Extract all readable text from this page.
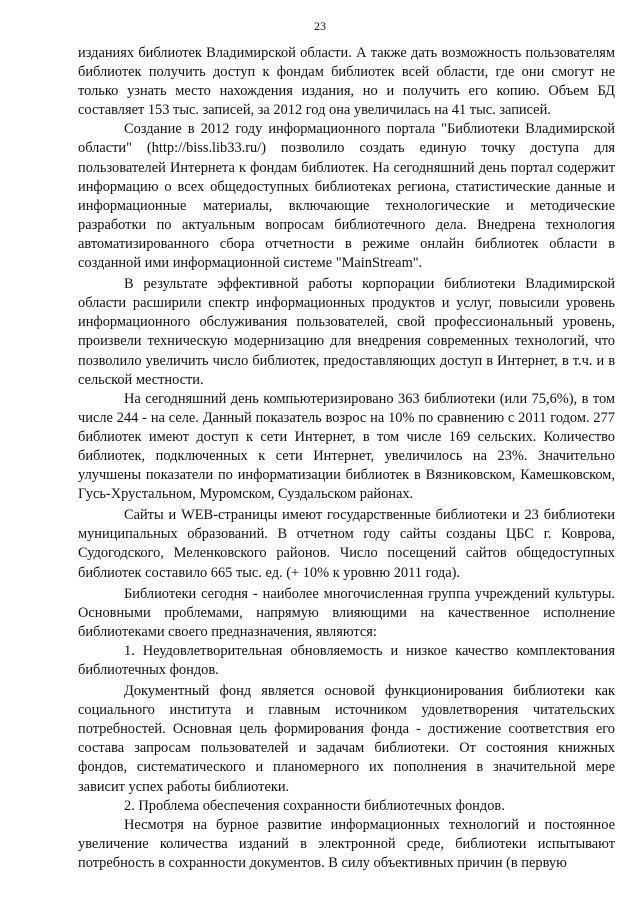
23

изданиях библиотек Владимирской области. А также дать возможность пользователям библиотек получить доступ к фондам библиотек всей области, где они смогут не только узнать место нахождения издания, но и получить его копию. Объем БД составляет 153 тыс. записей, за 2012 год она увеличилась на 41 тыс. записей.

Создание в 2012 году информационного портала "Библиотеки Владимирской области" (http://biss.lib33.ru/) позволило создать единую точку доступа для пользователей Интернета к фондам библиотек. На сегодняшний день портал содержит информацию о всех общедоступных библиотеках региона, статистические данные и информационные материалы, включающие технологические и методические разработки по актуальным вопросам библиотечного дела. Внедрена технология автоматизированного сбора отчетности в режиме онлайн библиотек области в созданной ими информационной системе "MainStream".

В результате эффективной работы корпорации библиотеки Владимирской области расширили спектр информационных продуктов и услуг, повысили уровень информационного обслуживания пользователей, свой профессиональный уровень, произвели техническую модернизацию для внедрения современных технологий, что позволило увеличить число библиотек, предоставляющих доступ в Интернет, в т.ч. и в сельской местности.

На сегодняшний день компьютеризировано 363 библиотеки (или 75,6%), в том числе 244 - на селе. Данный показатель возрос на 10% по сравнению с 2011 годом. 277 библиотек имеют доступ к сети Интернет, в том числе 169 сельских. Количество библиотек, подключенных к сети Интернет, увеличилось на 23%. Значительно улучшены показатели по информатизации библиотек в Вязниковском, Камешковском, Гусь-Хрустальном, Муромском, Суздальском районах.

Сайты и WEB-страницы имеют государственные библиотеки и 23 библиотеки муниципальных образований. В отчетном году сайты созданы ЦБС г. Коврова, Судогодского, Меленковского районов. Число посещений сайтов общедоступных библиотек составило 665 тыс. ед. (+ 10% к уровню 2011 года).

Библиотеки сегодня - наиболее многочисленная группа учреждений культуры. Основными проблемами, напрямую влияющими на качественное исполнение библиотеками своего предназначения, являются:

1. Неудовлетворительная обновляемость и низкое качество комплектования библиотечных фондов.

Документный фонд является основой функционирования библиотеки как социального института и главным источником удовлетворения читательских потребностей. Основная цель формирования фонда - достижение соответствия его состава запросам пользователей и задачам библиотеки. От состояния книжных фондов, систематического и планомерного их пополнения в значительной мере зависит успех работы библиотеки.

2. Проблема обеспечения сохранности библиотечных фондов.

Несмотря на бурное развитие информационных технологий и постоянное увеличение количества изданий в электронной среде, библиотеки испытывают потребность в сохранности документов. В силу объективных причин (в первую
